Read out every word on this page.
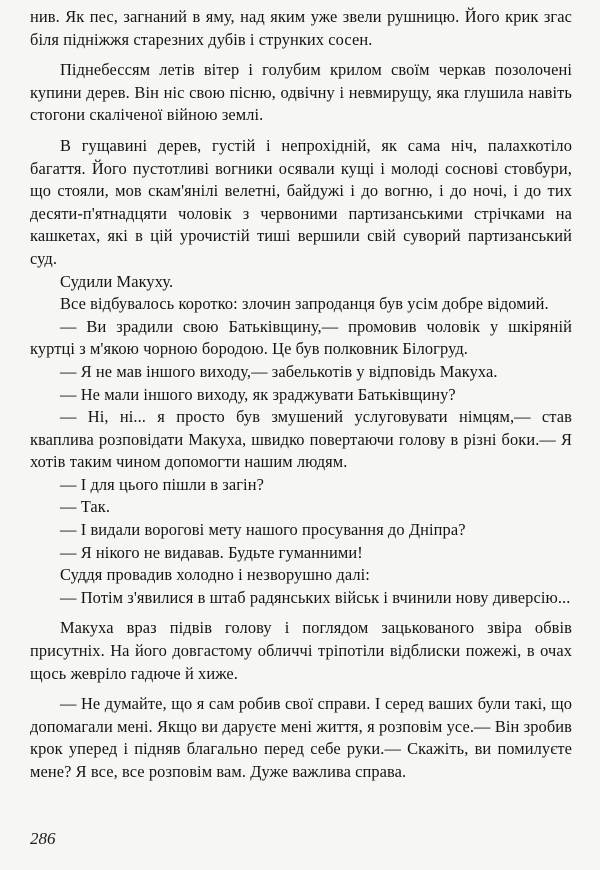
нив. Як пес, загнаний в яму, над яким уже звели рушницю. Його крик згас біля підніжжя старезних дубів і струнких сосен.

Піднебессям летів вітер і голубим крилом своїм черкав позолочені купини дерев. Він ніс свою пісню, одвічну і невмирущу, яка глушила навіть стогони скаліченої війною землі.

В гущавині дерев, густій і непрохідній, як сама ніч, палахкотіло багаття. Його пустотливі вогники осявали кущі і молоді соснові стовбури, що стояли, мов скам'янілі велетні, байдужі і до вогню, і до ночі, і до тих десяти-п'ятнадцяти чоловік з червоними партизанськими стрічками на кашкетах, які в цій урочистій тиші вершили свій суворий партизанський суд.

Судили Макуху.

Все відбувалось коротко: злочин запроданця був усім добре відомий.

— Ви зрадили свою Батьківщину,— промовив чоловік у шкіряній куртці з м'якою чорною бородою. Це був полковник Білогруд.

— Я не мав іншого виходу,— забелькотів у відповідь Макуха.

— Не мали іншого виходу, як зраджувати Батьківщину?

— Ні, ні... я просто був змушений услуговувати німцям,— став кваплива розповідати Макуха, швидко повертаючи голову в різні боки.— Я хотів таким чином допомогти нашим людям.

— І для цього пішли в загін?

— Так.

— І видали ворогові мету нашого просування до Дніпра?

— Я нікого не видавав. Будьте гуманними!

Суддя провадив холодно і незворушно далі:

— Потім з'явилися в штаб радянських військ і вчинили нову диверсію...

Макуха враз підвів голову і поглядом зацькованого звіра обвів присутніх. На його довгастому обличчі тріпотіли відблиски пожежі, в очах щось жевріло гадюче й хиже.

— Не думайте, що я сам робив свої справи. І серед ваших були такі, що допомагали мені. Якщо ви даруєте мені життя, я розповім усе.— Він зробив крок уперед і підняв благально перед себе руки.— Скажіть, ви помилуєте мене? Я все, все розповім вам. Дуже важлива справа.

286
